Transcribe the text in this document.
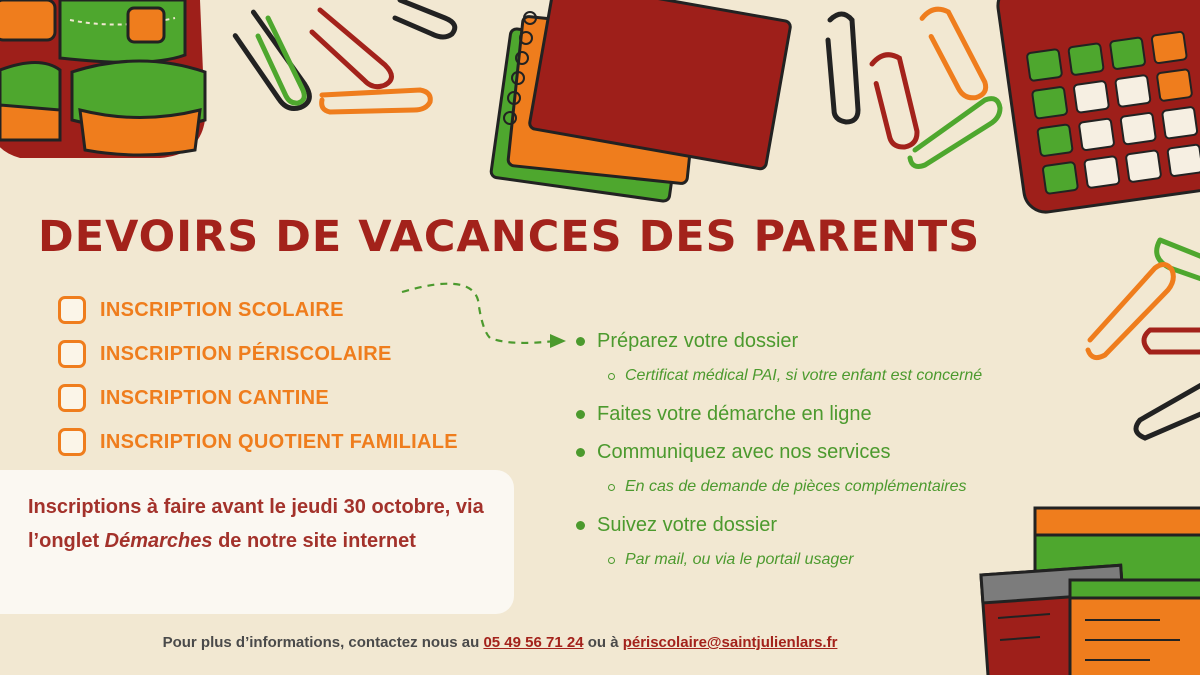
DEVOIRS DE VACANCES DES PARENTS
INSCRIPTION SCOLAIRE
INSCRIPTION PÉRISCOLAIRE
INSCRIPTION CANTINE
INSCRIPTION QUOTIENT FAMILIALE
Préparez votre dossier
Certificat médical PAI, si votre enfant est concerné
Faites votre démarche en ligne
Communiquez avec nos services
En cas de demande de pièces complémentaires
Suivez votre dossier
Par mail, ou via le portail usager

Inscriptions à faire avant le jeudi 30 octobre, via l’onglet Démarches de notre site internet

Pour plus d’informations, contactez nous au 05 49 56 71 24 ou à périscolaire@saintjulienlars.fr
